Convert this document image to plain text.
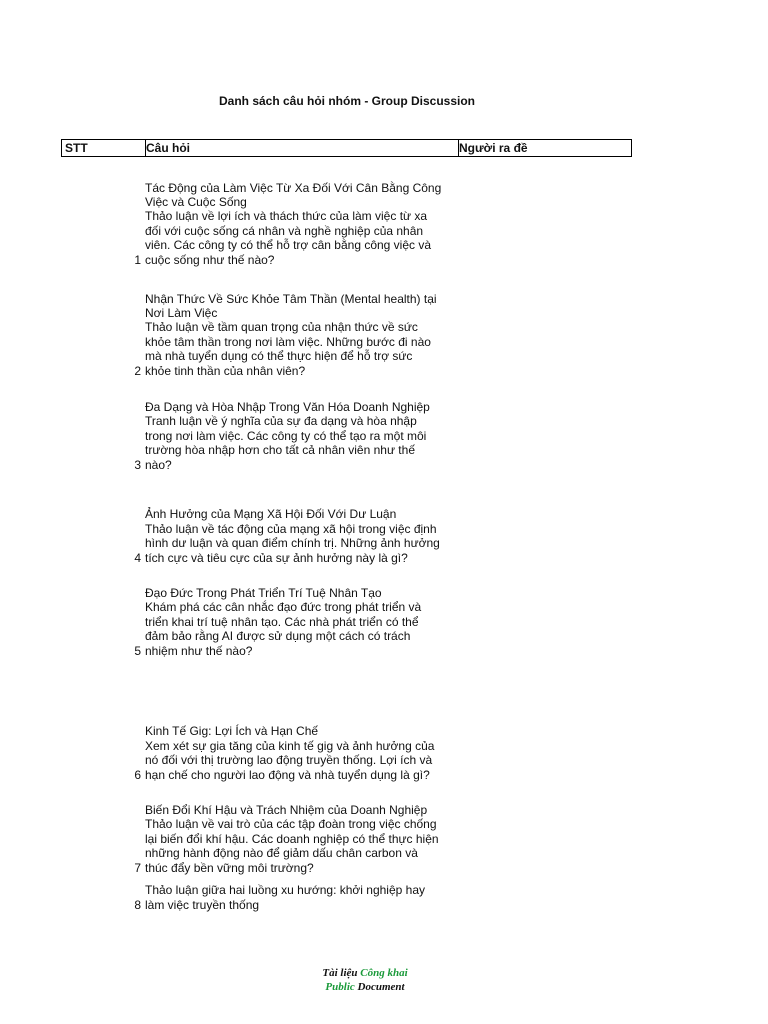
Danh sách câu hỏi nhóm - Group Discussion
STT	Câu hỏi	Người ra đề
1
Tác Động của Làm Việc Từ Xa Đối Với Cân Bằng Công
Việc và Cuộc Sống
Thảo luận về lợi ích và thách thức của làm việc từ xa
đối với cuộc sống cá nhân và nghề nghiệp của nhân
viên. Các công ty có thể hỗ trợ cân bằng công việc và
cuộc sống như thế nào?
2
Nhận Thức Về Sức Khỏe Tâm Thần (Mental health) tại
Nơi Làm Việc
Thảo luận về tầm quan trọng của nhận thức về sức
khỏe tâm thần trong nơi làm việc. Những bước đi nào
mà nhà tuyển dụng có thể thực hiện để hỗ trợ sức
khỏe tinh thần của nhân viên?
3
Đa Dạng và Hòa Nhập Trong Văn Hóa Doanh Nghiệp
Tranh luận về ý nghĩa của sự đa dạng và hòa nhập
trong nơi làm việc. Các công ty có thể tạo ra một môi
trường hòa nhập hơn cho tất cả nhân viên như thế
nào?
4
Ảnh Hưởng của Mạng Xã Hội Đối Với Dư Luận
Thảo luận về tác động của mạng xã hội trong việc định
hình dư luận và quan điểm chính trị. Những ảnh hưởng
tích cực và tiêu cực của sự ảnh hưởng này là gì?
5
Đạo Đức Trong Phát Triển Trí Tuệ Nhân Tạo
Khám phá các cân nhắc đạo đức trong phát triển và
triển khai trí tuệ nhân tạo. Các nhà phát triển có thể
đảm bảo rằng AI được sử dụng một cách có trách
nhiệm như thế nào?
6
Kinh Tế Gig: Lợi Ích và Hạn Chế
Xem xét sự gia tăng của kinh tế gig và ảnh hưởng của
nó đối với thị trường lao động truyền thống. Lợi ích và
hạn chế cho người lao động và nhà tuyển dụng là gì?
7
Biến Đổi Khí Hậu và Trách Nhiệm của Doanh Nghiệp
Thảo luận về vai trò của các tập đoàn trong việc chống
lại biến đổi khí hậu. Các doanh nghiệp có thể thực hiện
những hành động nào để giảm dấu chân carbon và
thúc đẩy bền vững môi trường?
8
Thảo luận giữa hai luồng xu hướng: khởi nghiệp hay
làm việc truyền thống
Tài liệu Công khai
Public Document
